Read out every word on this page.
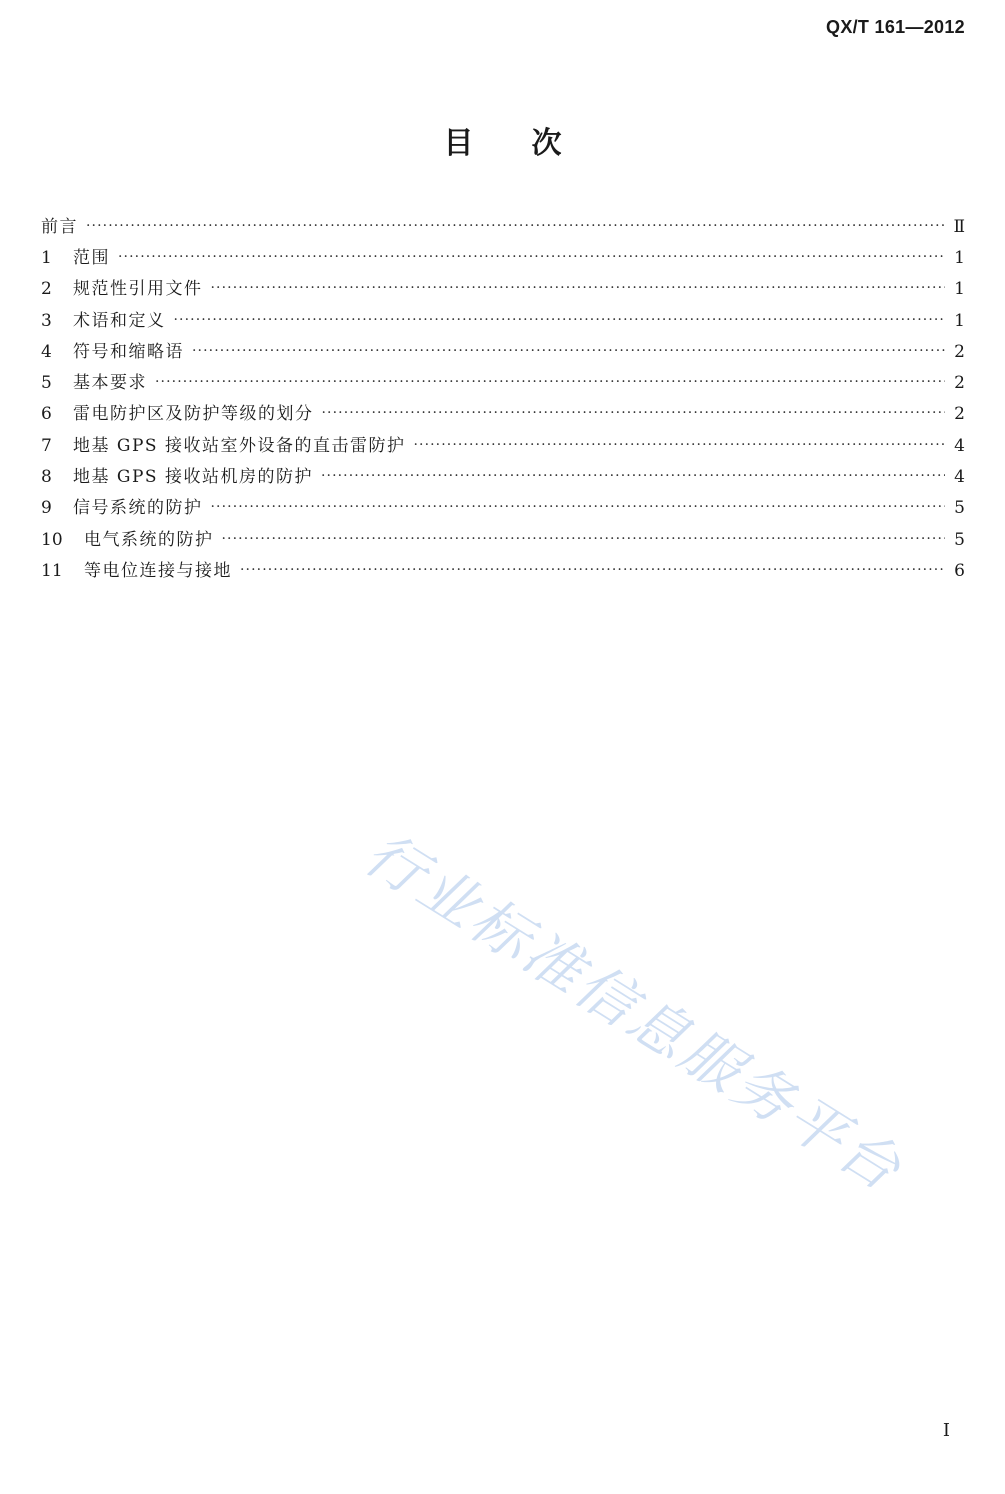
QX/T 161—2012
目次
前言 ·····	Ⅱ
1	范围 ·····	1
2	规范性引用文件 ·····	1
3	术语和定义 ·····	1
4	符号和缩略语 ·····	2
5	基本要求 ·····	2
6	雷电防护区及防护等级的划分 ·····	2
7	地基 GPS 接收站室外设备的直击雷防护 ·····	4
8	地基 GPS 接收站机房的防护 ·····	4
9	信号系统的防护 ·····	5
10	电气系统的防护 ·····	5
11	等电位连接与接地 ·····	6
行业标准信息服务平台
Ⅰ
